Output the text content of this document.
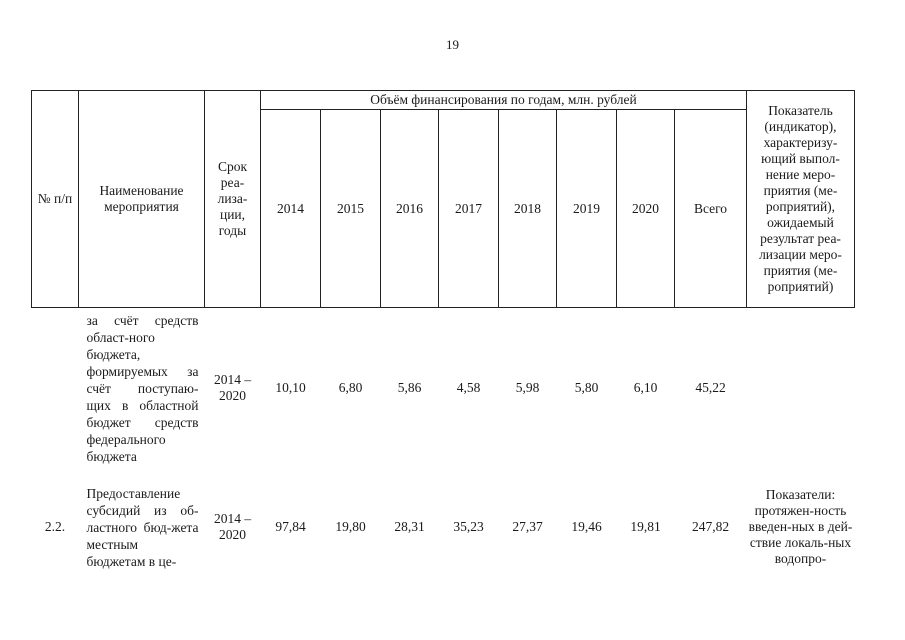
19
№ п/п	Наименование мероприятия	Срок реа-лиза-ции, годы	Объём финансирования по годам, млн. рублей								Показатель (индикатор), характеризу-ющий выпол-нение меро-приятия (ме-роприятий), ожидаемый результат реа-лизации меро-приятия (ме-роприятий)
			2014	2015	2016	2017	2018	2019	2020	Всего	
	за счёт средств област-ного бюджета, формируемых за счёт поступаю-щих в областной бюджет средств федерального бюджета	2014 – 2020	10,10	6,80	5,86	4,58	5,98	5,80	6,10	45,22	
2.2.	Предоставление субсидий из об-ластного бюд-жета местным бюджетам в це-	2014 – 2020	97,84	19,80	28,31	35,23	27,37	19,46	19,81	247,82	Показатели: протяжен-ность введен-ных в дей-ствие локаль-ных водопро-
